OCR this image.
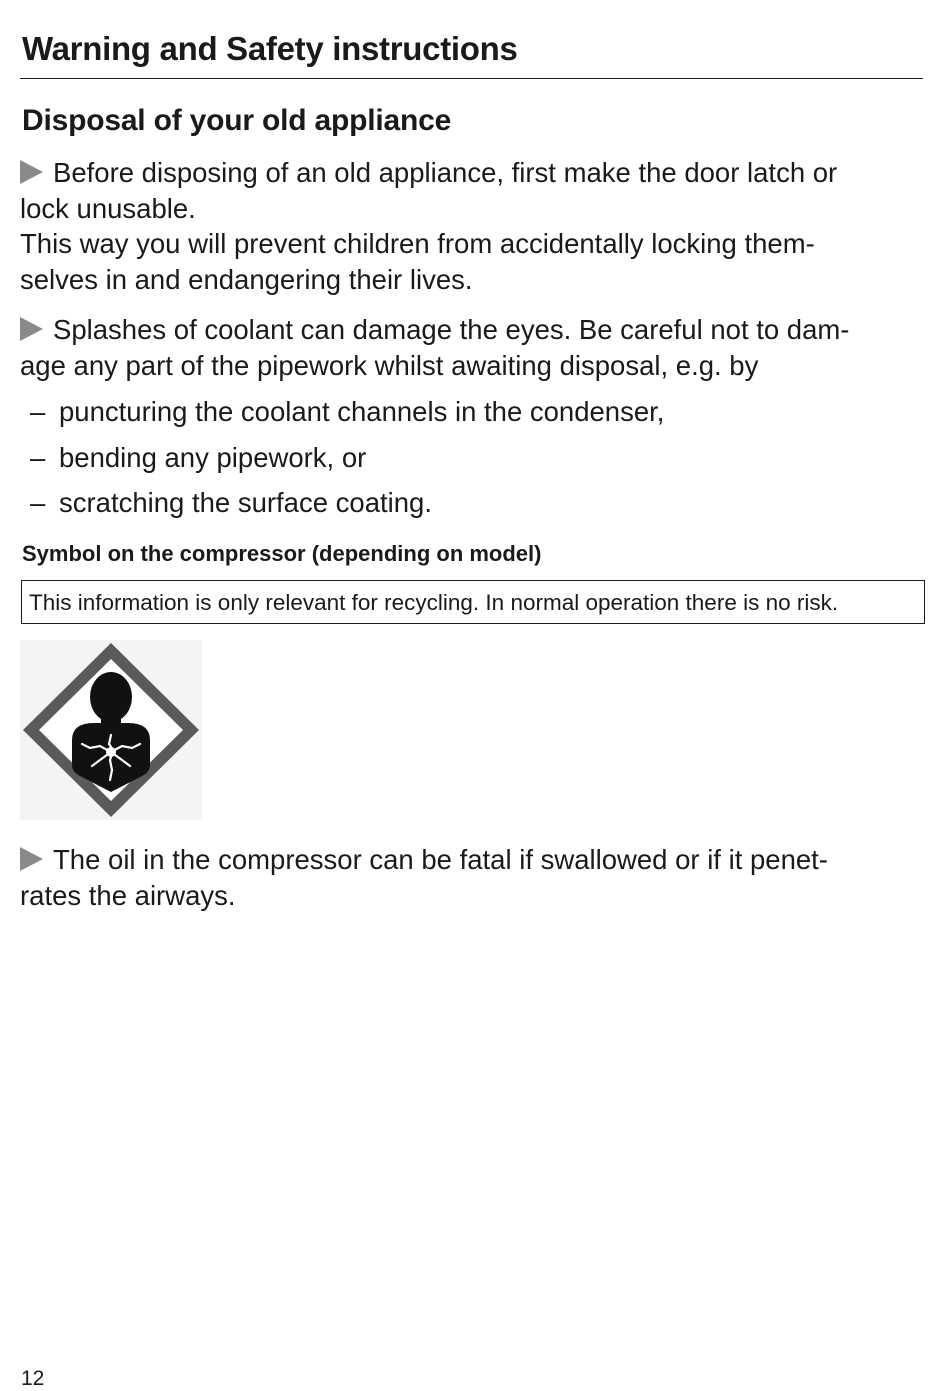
Warning and Safety instructions
Disposal of your old appliance
Before disposing of an old appliance, first make the door latch or
lock unusable.
This way you will prevent children from accidentally locking them-
selves in and endangering their lives.
Splashes of coolant can damage the eyes. Be careful not to dam-
age any part of the pipework whilst awaiting disposal, e.g. by
– puncturing the coolant channels in the condenser,
– bending any pipework, or
– scratching the surface coating.
Symbol on the compressor (depending on model)
This information is only relevant for recycling. In normal operation there is no risk.
The oil in the compressor can be fatal if swallowed or if it penet-
rates the airways.
12
